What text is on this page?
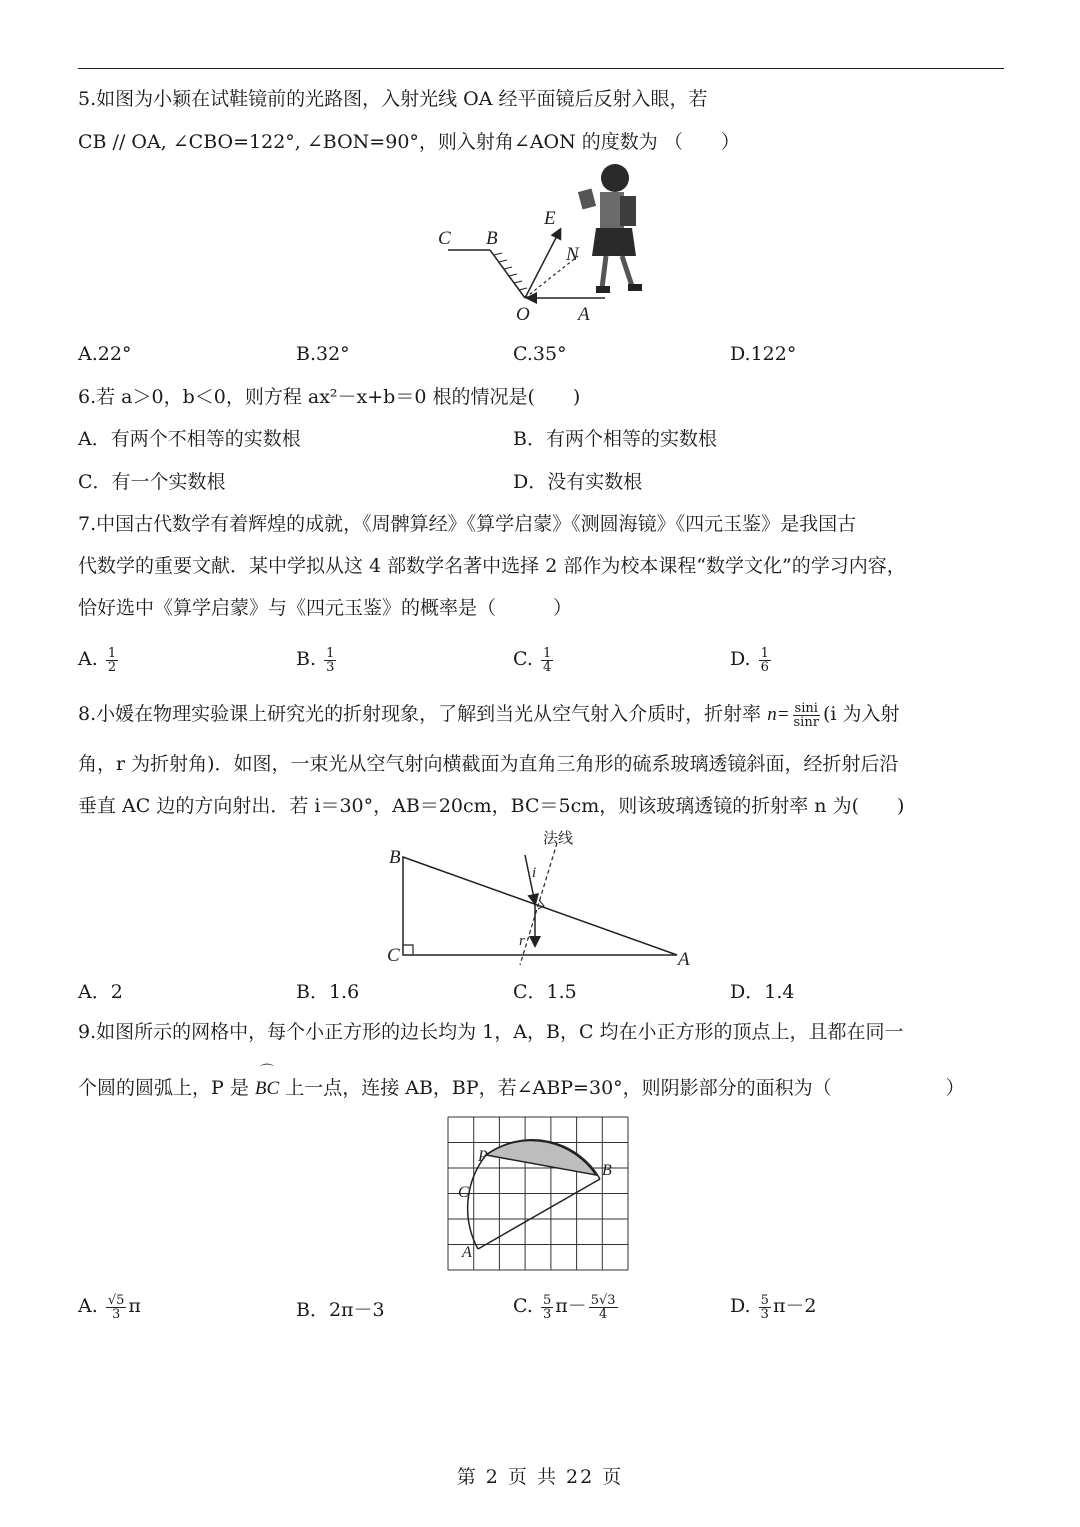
5.如图为小颖在试鞋镜前的光路图，入射光线 OA 经平面镜后反射入眼，若
CB // OA, ∠CBO=122°, ∠BON=90°，则入射角∠AON 的度数为 （　　）
C B
E
N
O	A
A.22°	B.32°	C.35°	D.122°
6.若 a＞0，b＜0，则方程 ax²－x+b＝0 根的情况是(　　)
A．有两个不相等的实数根	B．有两个相等的实数根
C．有一个实数根	D．没有实数根
7.中国古代数学有着辉煌的成就，《周髀算经》《算学启蒙》《测圆海镜》《四元玉鉴》是我国古
代数学的重要文献．某中学拟从这 4 部数学名著中选择 2 部作为校本课程“数学文化”的学习内容，
恰好选中《算学启蒙》与《四元玉鉴》的概率是（　　　）
A. $\frac{1}{2}$	B. $\frac{1}{3}$	C. $\frac{1}{4}$	D. $\frac{1}{6}$
8.小媛在物理实验课上研究光的折射现象，了解到当光从空气射入介质时，折射率 $n= \frac{\sin i}{\sin r} (i$ 为入射
角，r 为折射角)．如图，一束光从空气射向横截面为直角三角形的硫系玻璃透镜斜面，经折射后沿
垂直 AC 边的方向射出．若 i＝30°，AB＝20cm，BC＝5cm，则该玻璃透镜的折射率 n 为(　　)
法线
B
C	A
i
r
A．2	B．1.6	C．1.5	D．1.4
9.如图所示的网格中，每个小正方形的边长均为 1，A，B，C 均在小正方形的顶点上，且都在同一
个圆的圆弧上，P 是
⌒
BC 上一点，连接 AB，BP，若∠ABP=30°，则阴影部分的面积为（　　　　　　）
P
B
C
A
A. $\frac{√5}{3}$ π	B．2π－3	C. $\frac{5}{3} \pi- \frac{5√3}{4}$	D. $\frac{5}{3} \pi-2$
第 2 页 共 22 页
